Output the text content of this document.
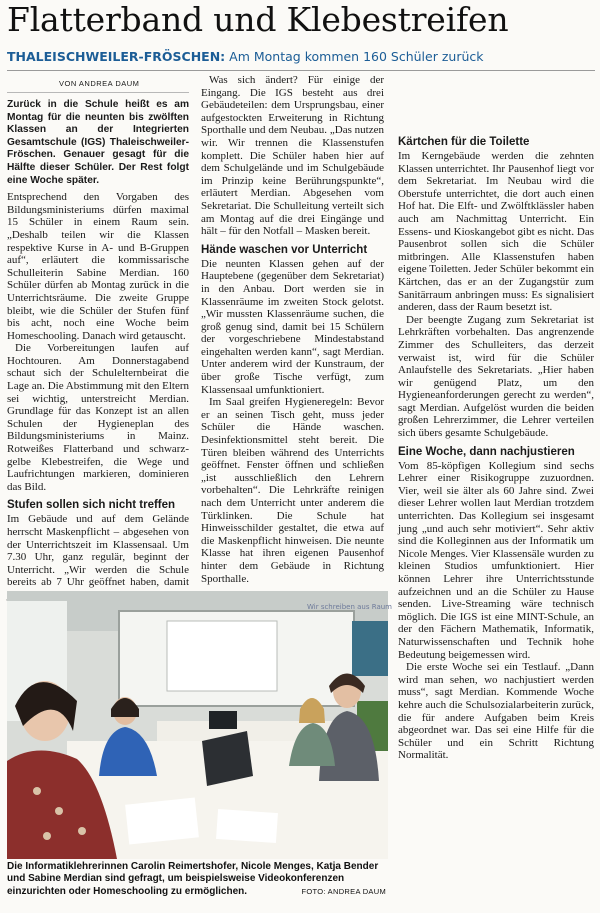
Flatterband und Klebestreifen
THALEISCHWEILER-FRÖSCHEN: Am Montag kommen 160 Schüler zurück
VON ANDREA DAUM

Zurück in die Schule heißt es am Montag für die neunten bis zwölften Klassen an der Integrierten Gesamtschule (IGS) Thaleischweiler-Fröschen. Genauer gesagt für die Hälfte dieser Schüler. Der Rest folgt eine Woche später.

Entsprechend den Vorgaben des Bildungsministeriums dürfen maximal 15 Schüler in einem Raum sein. „Deshalb teilen wir die Klassen respektive Kurse in A- und B-Gruppen auf“, erläutert die kommissarische Schulleiterin Sabine Merdian. 160 Schüler dürfen ab Montag zurück in die Unterrichtsräume. Die zweite Gruppe bleibt, wie die Schüler der Stufen fünf bis acht, noch eine Woche beim Homeschooling. Danach wird getauscht.

Die Vorbereitungen laufen auf Hochtouren. Am Donnerstagabend schaut sich der Schulelternbeirat die Lage an. Die Abstimmung mit den Eltern sei wichtig, unterstreicht Merdian. Grundlage für das Konzept ist an allen Schulen der Hygieneplan des Bildungsministeriums in Mainz. Rotweißes Flatterband und schwarz-gelbe Klebestreifen, die Wege und Laufrichtungen markieren, dominieren das Bild.

Stufen sollen sich nicht treffen

Im Gebäude und auf dem Gelände herrscht Maskenpflicht – abgesehen von der Unterrichtszeit im Klassensaal. Um 7.30 Uhr, ganz regulär, beginnt der Unterricht. „Wir werden die Schule bereits ab 7 Uhr geöffnet haben, damit

Was sich ändert? Für einige der Eingang. Die IGS besteht aus drei Gebäudeteilen: dem Ursprungsbau, einer aufgestockten Erweiterung in Richtung Sporthalle und dem Neubau. „Das nutzen wir. Wir trennen die Klassenstufen komplett. Die Schüler haben hier auf dem Schulgelände und im Schulgebäude im Prinzip keine Berührungspunkte“, erläutert Merdian. Abgesehen vom Sekretariat. Die Schulleitung verteilt sich am Montag auf die drei Eingänge und hält – für den Notfall – Masken bereit.

Hände waschen vor Unterricht

Die neunten Klassen gehen auf der Hauptebene (gegenüber dem Sekretariat) in den Anbau. Dort werden sie in Klassenräume im zweiten Stock gelotst. „Wir mussten Klassenräume suchen, die groß genug sind, damit bei 15 Schülern der vorgeschriebene Mindestabstand eingehalten werden kann“, sagt Merdian. Unter anderem wird der Kunstraum, der über große Tische verfügt, zum Klassensaal umfunktioniert.

Im Saal greifen Hygieneregeln: Bevor er an seinen Tisch geht, muss jeder Schüler die Hände waschen. Desinfektionsmittel steht bereit. Die Türen bleiben während des Unterrichts geöffnet. Fenster öffnen und schließen „ist ausschließlich den Lehrern vorbehalten“. Die Lehrkräfte reinigen nach dem Unterricht unter anderem die Türklinken. Die Schule hat Hinweisschilder gestaltet, die etwa auf die Maskenpflicht hinweisen. Die neunte Klasse hat ihren eigenen Pausenhof hinter dem Gebäude in Richtung Sporthalle.

Kärtchen für die Toilette

Im Kerngebäude werden die zehnten Klassen unterrichtet. Ihr Pausenhof liegt vor dem Sekretariat. Im Neubau wird die Oberstufe unterrichtet, die dort auch einen Hof hat. Die Elft- und Zwölftklässler haben auch am Nachmittag Unterricht. Ein Essens- und Kioskangebot gibt es nicht. Das Pausenbrot sollen sich die Schüler mitbringen. Alle Klassenstufen haben eigene Toiletten. Jeder Schüler bekommt ein Kärtchen, das er an der Zugangstür zum Sanitärraum anbringen muss: Es signalisiert anderen, dass der Raum besetzt ist.

Der beengte Zugang zum Sekretariat ist Lehrkräften vorbehalten. Das angrenzende Zimmer des Schulleiters, das derzeit verwaist ist, wird für die Schüler Anlaufstelle des Sekretariats. „Hier haben wir genügend Platz, um den Hygieneanforderungen gerecht zu werden“, sagt Merdian. Aufgelöst wurden die beiden großen Lehrerzimmer, die Lehrer verteilen sich übers gesamte Schulgebäude.

Eine Woche, dann nachjustieren

Vom 85-köpfigen Kollegium sind sechs Lehrer einer Risikogruppe zuzuordnen. Vier, weil sie älter als 60 Jahre sind. Zwei dieser Lehrer wollen laut Merdian trotzdem unterrichten. Das Kollegium sei insgesamt jung „und auch sehr motiviert“. Sehr aktiv sind die Kolleginnen aus der Informatik um Nicole Menges. Vier Klassensäle wurden zu kleinen Studios umfunktioniert. Hier können Lehrer ihre Unterrichtsstunde aufzeichnen und an die Schüler zu Hause senden. Live-Streaming wäre technisch möglich. Die IGS ist eine MINT-Schule, an der den Fächern Mathematik, Informatik, Naturwissenschaften und Technik hohe Bedeutung beigemessen wird.

Die erste Woche sei ein Testlauf. „Dann wird man sehen, wo nachjustiert werden muss“, sagt Merdian. Kommende Woche kehre auch die Schulsozialarbeiterin zurück, die für andere Aufgaben beim Kreis abgeordnet war. Das sei eine Hilfe für die Schüler und ein Schritt Richtung Normalität.

Wir schreiben aus Raum
Die Informatiklehrerinnen Carolin Reimertshofer, Nicole Menges, Katja Bender und Sabine Merdian sind gefragt, um beispielsweise Videokonferenzen einzurichten oder Homeschooling zu ermöglichen.	FOTO: ANDREA DAUM
